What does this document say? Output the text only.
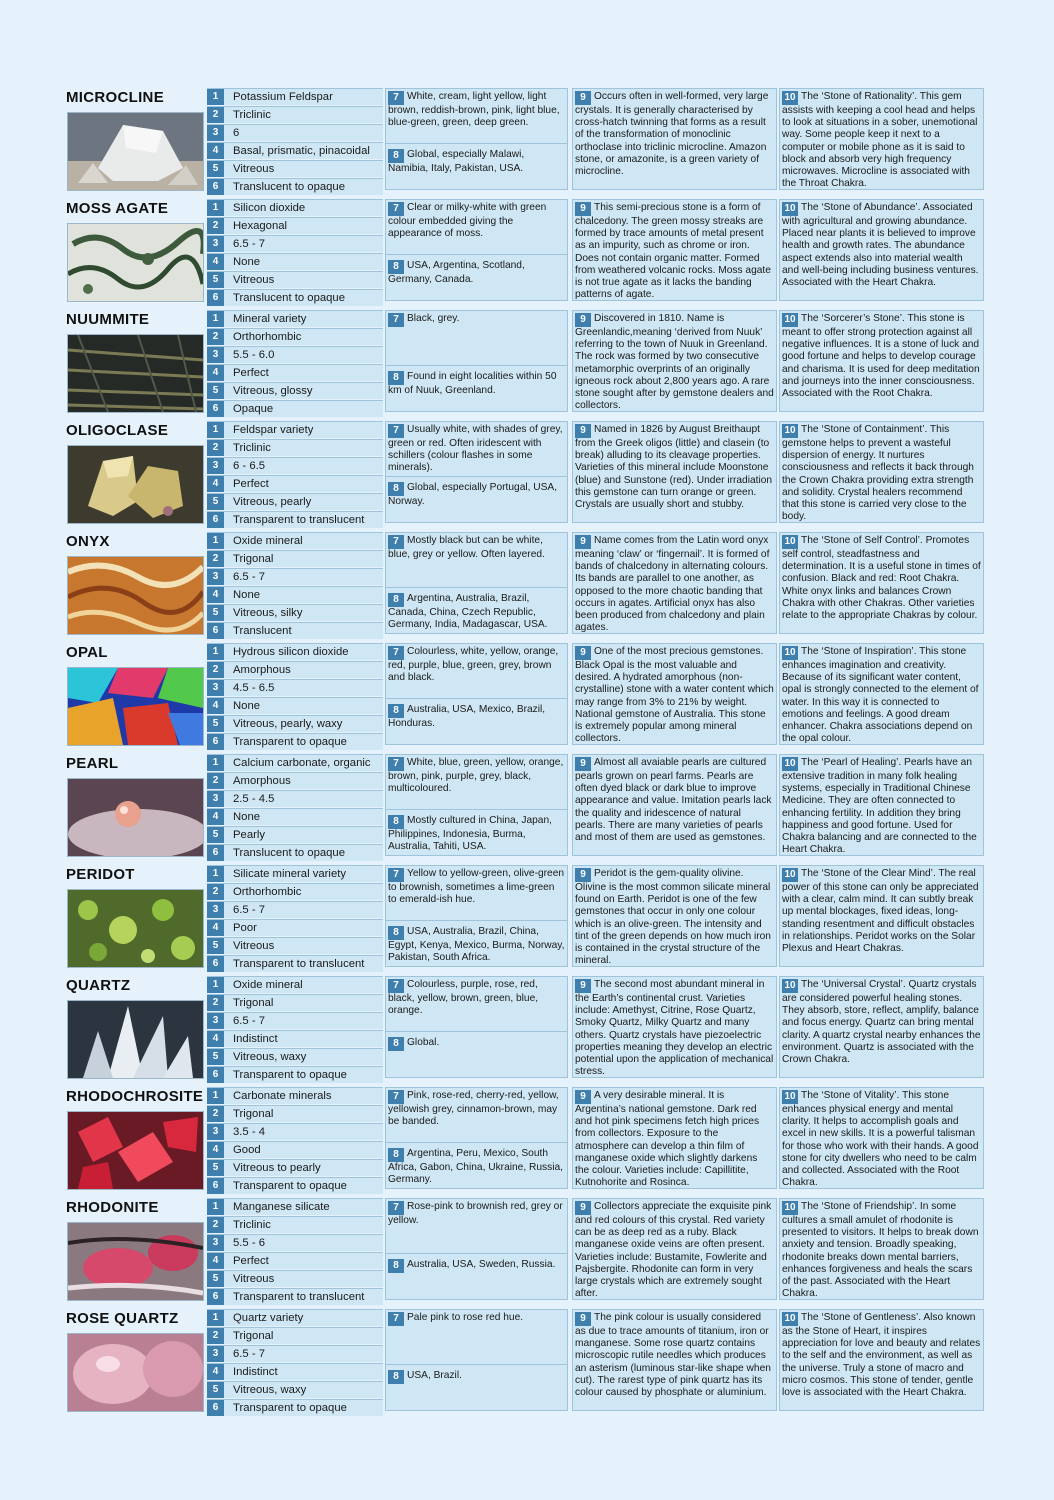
MICROCLINE	1	Potassium Feldspar
2	Triclinic
3	6
4	Basal, prismatic, pinacoidal
5	Vitreous
6	Translucent to opaque
7 White, cream, light yellow, light brown, reddish-brown, pink, light blue, blue-green, green, deep green.
8 Global, especially Malawi, Namibia, Italy, Pakistan, USA.
9 Occurs often in well-formed, very large crystals. It is generally characterised by cross-hatch twinning that forms as a result of the transformation of monoclinic orthoclase into triclinic microcline. Amazon stone, or amazonite, is a green variety of microcline.
10 The ‘Stone of Rationality’. This gem assists with keeping a cool head and helps to look at situations in a sober, unemotional way. Some people keep it next to a computer or mobile phone as it is said to block and absorb very high frequency microwaves. Microcline is associated with the Throat Chakra.
MOSS AGATE	1	Silicon dioxide
2	Hexagonal
3	6.5 - 7
4	None
5	Vitreous
6	Translucent to opaque
7 Clear or milky-white with green colour embedded giving the appearance of moss.
8 USA, Argentina, Scotland, Germany, Canada.
9 This semi-precious stone is a form of chalcedony. The green mossy streaks are formed by trace amounts of metal present as an impurity, such as chrome or iron. Does not contain organic matter. Formed from weathered volcanic rocks. Moss agate is not true agate as it lacks the banding patterns of agate.
10 The ‘Stone of Abundance’. Associated with agricultural and growing abundance. Placed near plants it is believed to improve health and growth rates. The abundance aspect extends also into material wealth and well-being including business ventures. Associated with the Heart Chakra.
NUUMMITE	1	Mineral variety
2	Orthorhombic
3	5.5 - 6.0
4	Perfect
5	Vitreous, glossy
6	Opaque
7 Black, grey.
8 Found in eight localities within 50 km of Nuuk, Greenland.
9 Discovered in 1810. Name is Greenlandic,meaning ‘derived from Nuuk’ referring to the town of Nuuk in Greenland. The rock was formed by two consecutive metamorphic overprints of an originally igneous rock about 2,800 years ago. A rare stone sought after by gemstone dealers and collectors.
10 The ‘Sorcerer’s Stone’. This stone is meant to offer strong protection against all negative influences. It is a stone of luck and good fortune and helps to develop courage and charisma. It is used for deep meditation and journeys into the inner consciousness. Associated with the Root Chakra.
OLIGOCLASE	1	Feldspar variety
2	Triclinic
3	6 - 6.5
4	Perfect
5	Vitreous, pearly
6	Transparent to translucent
7 Usually white, with shades of grey, green or red. Often iridescent with schillers (colour flashes in some minerals).
8 Global, especially Portugal, USA, Norway.
9 Named in 1826 by August Breithaupt from the Greek oligos (little) and clasein (to break) alluding to its cleavage properties. Varieties of this mineral include Moonstone (blue) and Sunstone (red). Under irradiation this gemstone can turn orange or green. Crystals are usually short and stubby.
10 The ‘Stone of Containment’. This gemstone helps to prevent a wasteful dispersion of energy. It nurtures consciousness and reflects it back through the Crown Chakra providing extra strength and solidity. Crystal healers recommend that this stone is carried very close to the body.
ONYX	1	Oxide mineral
2	Trigonal
3	6.5 - 7
4	None
5	Vitreous, silky
6	Translucent
7 Mostly black but can be white, blue, grey or yellow. Often layered.
8 Argentina, Australia, Brazil, Canada, China, Czech Republic, Germany, India, Madagascar, USA.
9 Name comes from the Latin word onyx meaning ‘claw’ or ‘fingernail’. It is formed of bands of chalcedony in alternating colours. Its bands are parallel to one another, as opposed to the more chaotic banding that occurs in agates. Artificial onyx has also been produced from chalcedony and plain agates.
10 The ‘Stone of Self Control’. Promotes self control, steadfastness and determination. It is a useful stone in times of confusion. Black and red: Root Chakra. White onyx links and balances Crown Chakra with other Chakras. Other varieties relate to the appropriate Chakras by colour.
OPAL	1	Hydrous silicon dioxide
2	Amorphous
3	4.5 - 6.5
4	None
5	Vitreous, pearly, waxy
6	Transparent to opaque
7 Colourless, white, yellow, orange, red, purple, blue, green, grey, brown and black.
8 Australia, USA, Mexico, Brazil, Honduras.
9 One of the most precious gemstones. Black Opal is the most valuable and desired. A hydrated amorphous (non-crystalline) stone with a water content which may range from 3% to 21% by weight. National gemstone of Australia. This stone is extremely popular among mineral collectors.
10 The ‘Stone of Inspiration’. This stone enhances imagination and creativity. Because of its significant water content, opal is strongly connected to the element of water. In this way it is connected to emotions and feelings. A good dream enhancer. Chakra associations depend on the opal colour.
PEARL	1	Calcium carbonate, organic
2	Amorphous
3	2.5 - 4.5
4	None
5	Pearly
6	Translucent to opaque
7 White, blue, green, yellow, orange, brown, pink, purple, grey, black, multicoloured.
8 Mostly cultured in China, Japan, Philippines, Indonesia, Burma, Australia, Tahiti, USA.
9 Almost all avaiable pearls are cultured pearls grown on pearl farms. Pearls are often dyed black or dark blue to improve appearance and value. Imitation pearls lack the quality and iridescence of natural pearls. There are many varieties of pearls and most of them are used as gemstones.
10 The ‘Pearl of Healing’. Pearls have an extensive tradition in many folk healing systems, especially in Traditional Chinese Medicine. They are often connected to enhancing fertility. In addition they bring happiness and good fortune. Used for Chakra balancing and are connected to the Heart Chakra.
PERIDOT	1	Silicate mineral variety
2	Orthorhombic
3	6.5 - 7
4	Poor
5	Vitreous
6	Transparent to translucent
7 Yellow to yellow-green, olive-green to brownish, sometimes a lime-green to emerald-ish hue.
8 USA, Australia, Brazil, China, Egypt, Kenya, Mexico, Burma, Norway, Pakistan, South Africa.
9 Peridot is the gem-quality olivine. Olivine is the most common silicate mineral found on Earth. Peridot is one of the few gemstones that occur in only one colour which is an olive-green. The intensity and tint of the green depends on how much iron is contained in the crystal structure of the mineral.
10 The ‘Stone of the Clear Mind’. The real power of this stone can only be appreciated with a clear, calm mind. It can subtly break up mental blockages, fixed ideas, long-standing resentment and difficult obstacles in relationships. Peridot works on the Solar Plexus and Heart Chakras.
QUARTZ	1	Oxide mineral
2	Trigonal
3	6.5 - 7
4	Indistinct
5	Vitreous, waxy
6	Transparent to opaque
7 Colourless, purple, rose, red, black, yellow, brown, green, blue, orange.
8 Global.
9 The second most abundant mineral in the Earth’s continental crust. Varieties include: Amethyst, Citrine, Rose Quartz, Smoky Quartz, Milky Quartz and many others. Quartz crystals have piezoelectric properties meaning they develop an electric potential upon the application of mechanical stress.
10 The ‘Universal Crystal’. Quartz crystals are considered powerful healing stones. They absorb, store, reflect, amplify, balance and focus energy. Quartz can bring mental clarity. A quartz crystal nearby enhances the environment. Quartz is associated with the Crown Chakra.
RHODOCHROSITE 1	Carbonate minerals
2	Trigonal
3	3.5 - 4
4	Good
5	Vitreous to pearly
6	Transparent to opaque
7 Pink, rose-red, cherry-red, yellow, yellowish grey, cinnamon-brown, may be banded.
8 Argentina, Peru, Mexico, South Africa, Gabon, China, Ukraine, Russia, Germany.
9 A very desirable mineral. It is Argentina’s national gemstone. Dark red and hot pink specimens fetch high prices from collectors. Exposure to the atmosphere can develop a thin film of manganese oxide which slightly darkens the colour. Varieties include: Capillitite, Kutnohorite and Rosinca.
10 The ‘Stone of Vitality’. This stone enhances physical energy and mental clarity. It helps to accomplish goals and excel in new skills. It is a powerful talisman for those who work with their hands. A good stone for city dwellers who need to be calm and collected. Associated with the Root Chakra.
RHODONITE	1	Manganese silicate
2	Triclinic
3	5.5 - 6
4	Perfect
5	Vitreous
6	Transparent to translucent
7 Rose-pink to brownish red, grey or yellow.
8 Australia, USA, Sweden, Russia.
9 Collectors appreciate the exquisite pink and red colours of this crystal. Red variety can be as deep red as a ruby. Black manganese oxide veins are often present. Varieties include: Bustamite, Fowlerite and Pajsbergite. Rhodonite can form in very large crystals which are extremely sought after.
10 The ‘Stone of Friendship’. In some cultures a small amulet of rhodonite is presented to visitors. It helps to break down anxiety and tension. Broadly speaking, rhodonite breaks down mental barriers, enhances forgiveness and heals the scars of the past. Associated with the Heart Chakra.
ROSE QUARTZ	1	Quartz variety
2	Trigonal
3	6.5 - 7
4	Indistinct
5	Vitreous, waxy
6	Transparent to opaque
7 Pale pink to rose red hue.
8 USA, Brazil.
9 The pink colour is usually considered as due to trace amounts of titanium, iron or manganese. Some rose quartz contains microscopic rutile needles which produces an asterism (luminous star-like shape when cut). The rarest type of pink quartz has its colour caused by phosphate or aluminium.
10 The ‘Stone of Gentleness’. Also known as the Stone of Heart, it inspires appreciation for love and beauty and relates to the self and the environment, as well as the universe. Truly a stone of macro and micro cosmos. This stone of tender, gentle love is associated with the Heart Chakra.
